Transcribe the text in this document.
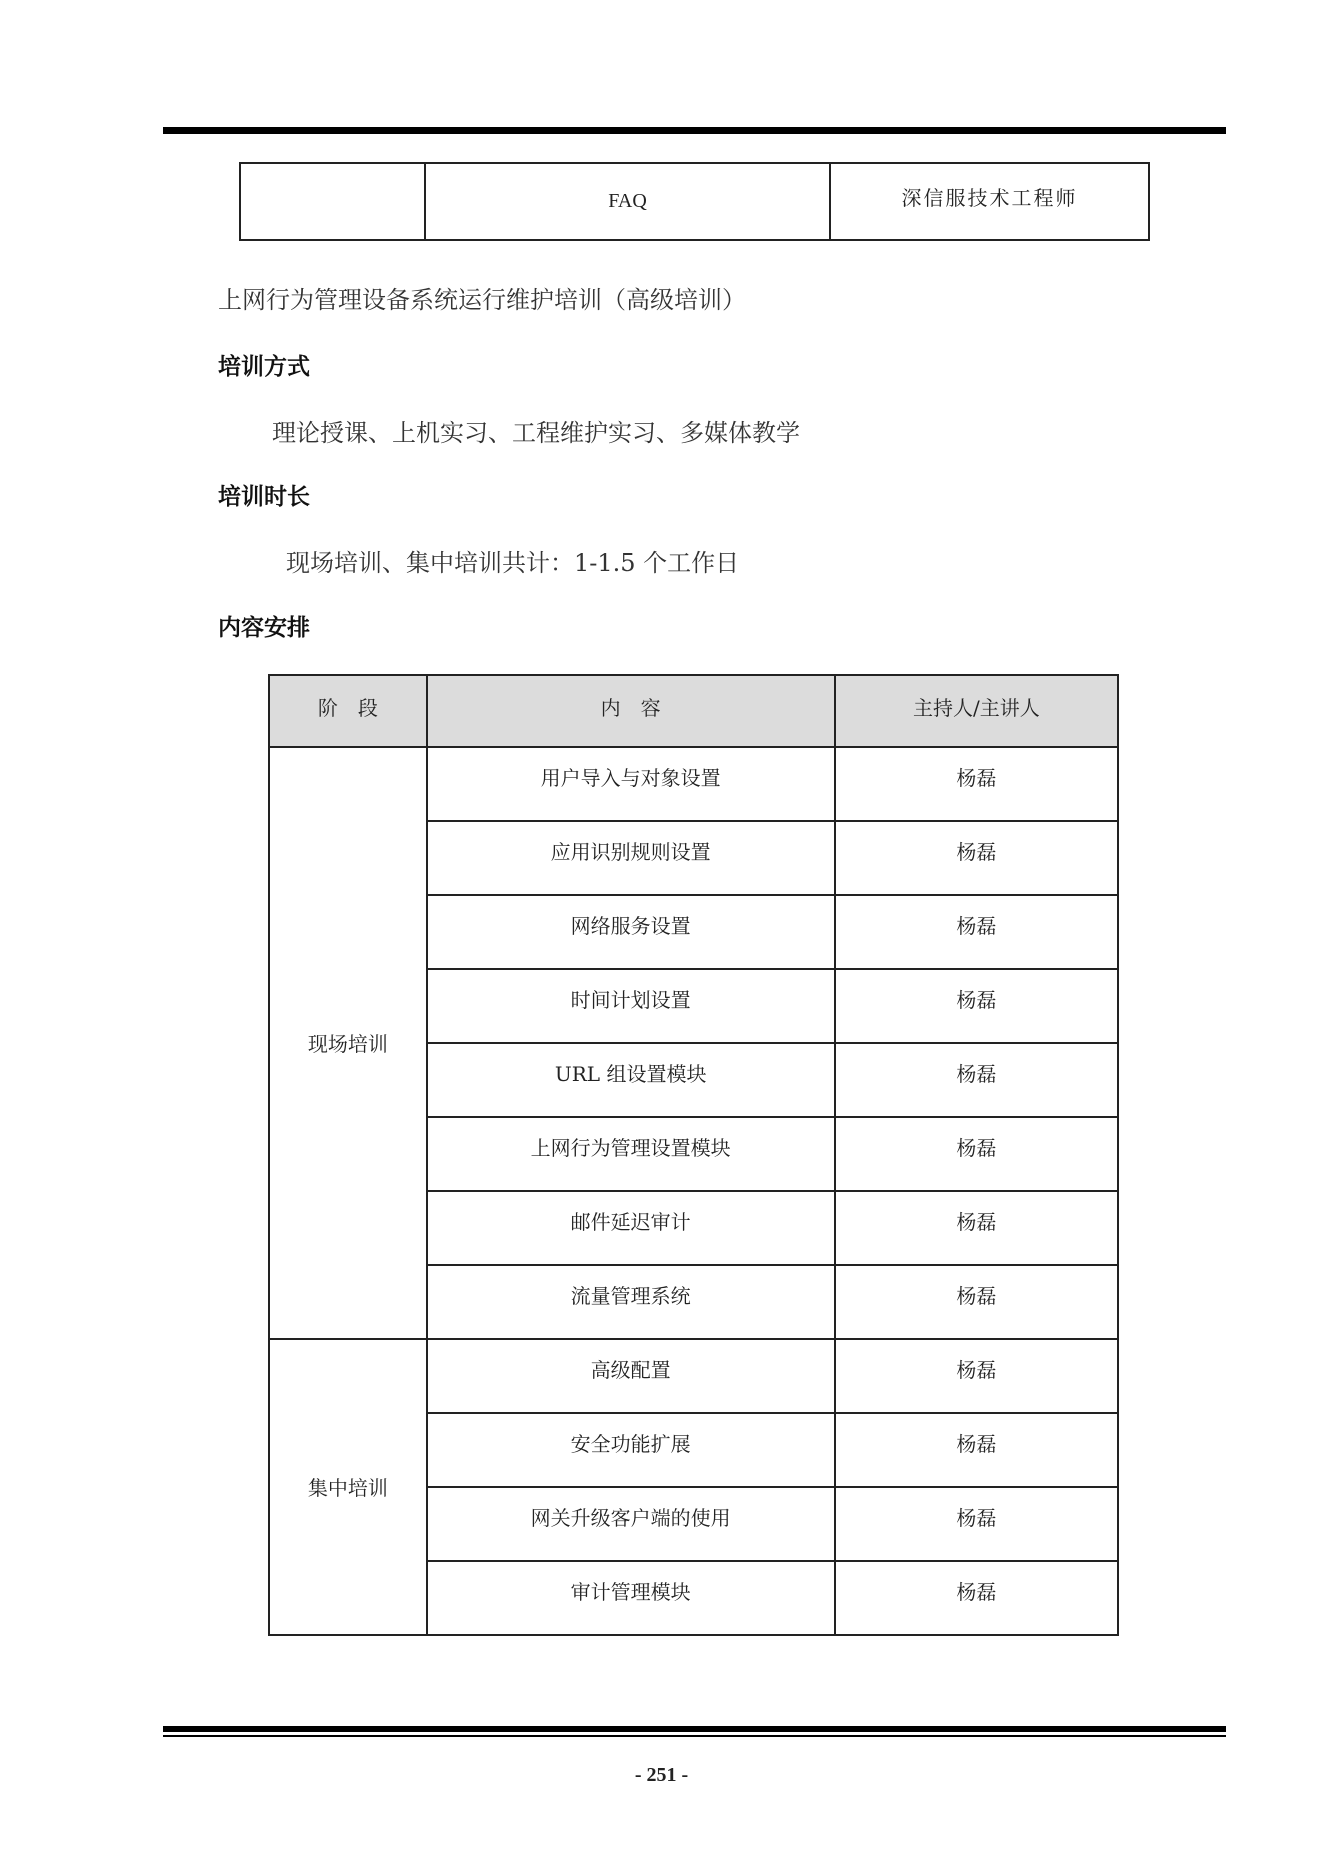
	FAQ	深信服技术工程师
上网行为管理设备系统运行维护培训（高级培训）
培训方式
理论授课、上机实习、工程维护实习、多媒体教学
培训时长
现场培训、集中培训共计：1-1.5 个工作日
内容安排
阶　段	内　容	主持人/主讲人
现场培训	用户导入与对象设置	杨磊
	应用识别规则设置	杨磊
	网络服务设置	杨磊
	时间计划设置	杨磊
	URL 组设置模块	杨磊
	上网行为管理设置模块	杨磊
	邮件延迟审计	杨磊
	流量管理系统	杨磊
集中培训	高级配置	杨磊
	安全功能扩展	杨磊
	网关升级客户端的使用	杨磊
	审计管理模块	杨磊
- 251 -
